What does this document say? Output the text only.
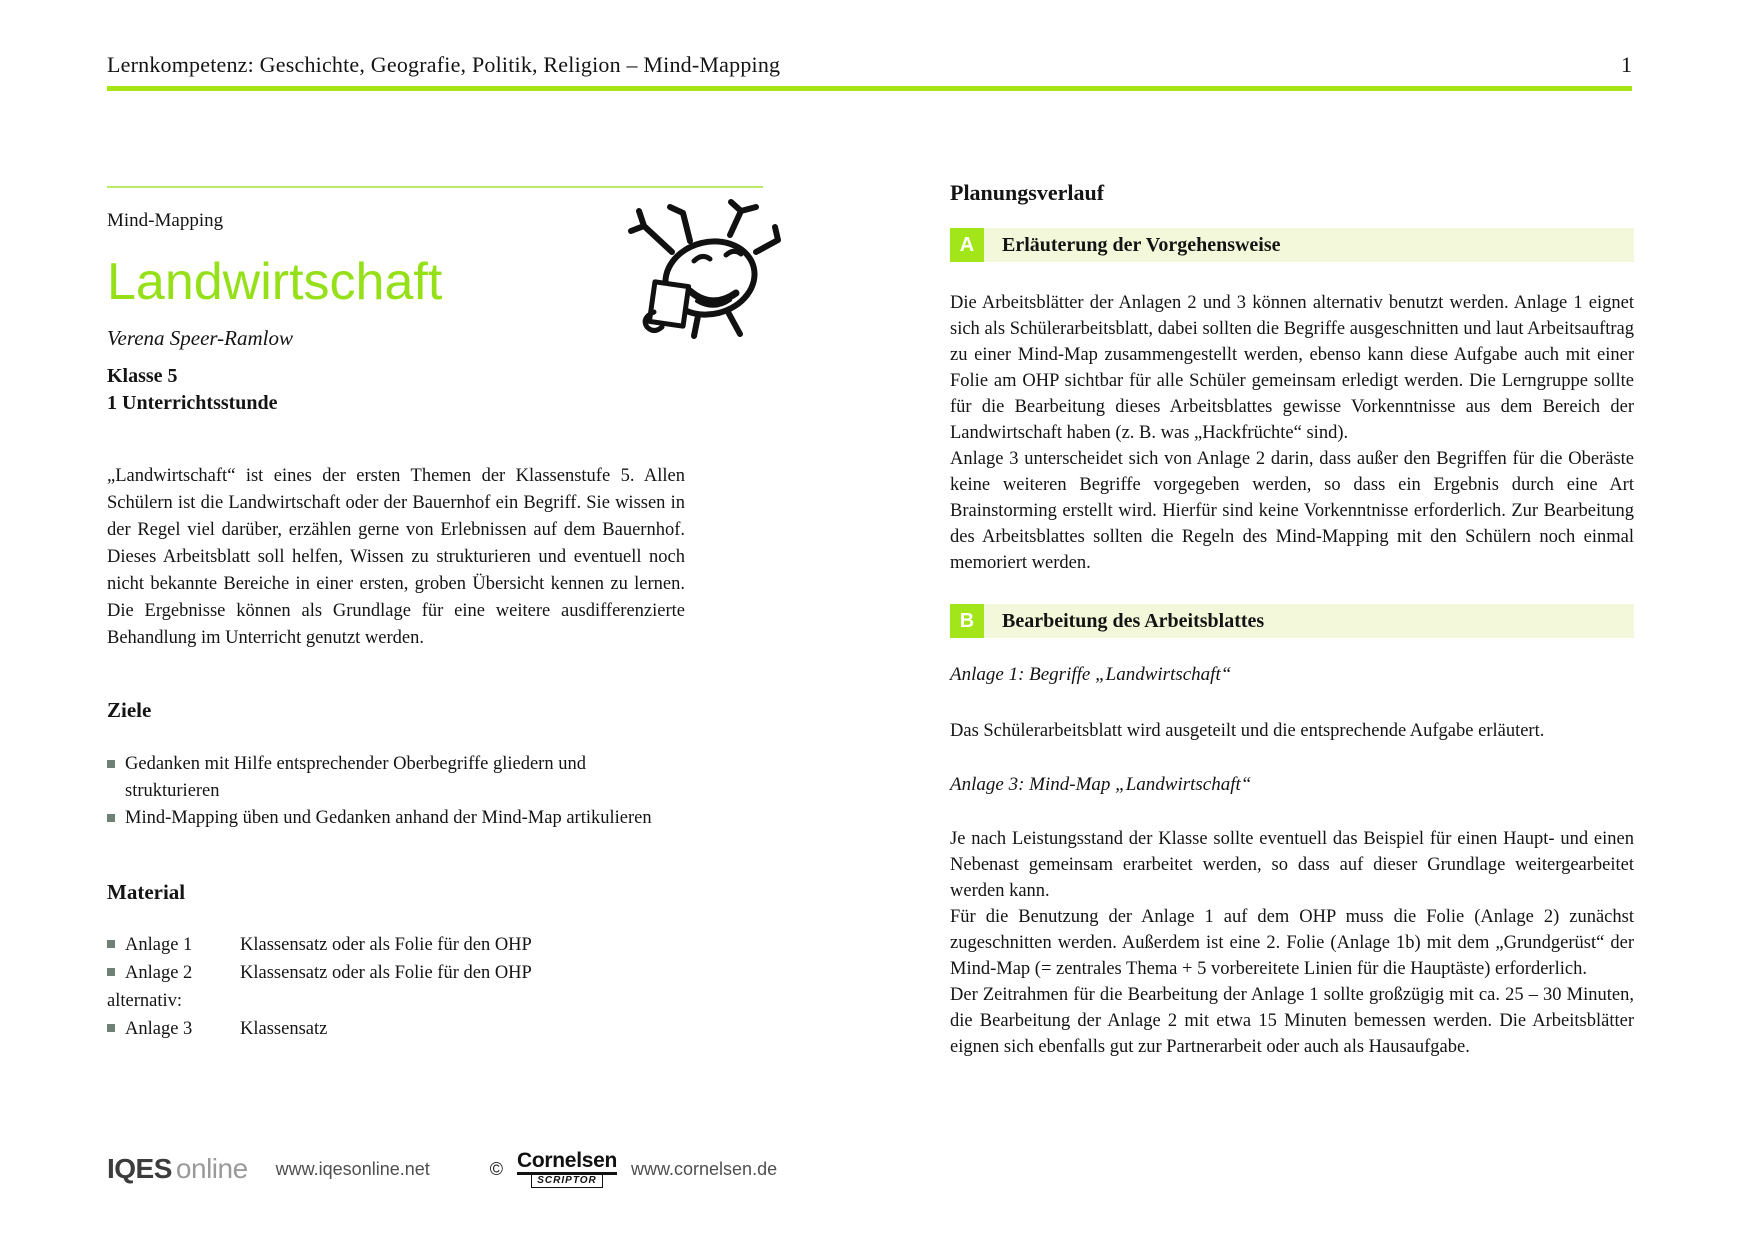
Lernkompetenz: Geschichte, Geografie, Politik, Religion – Mind-Mapping	1
Mind-Mapping
Landwirtschaft
Verena Speer-Ramlow
Klasse 5
1 Unterrichtsstunde

„Landwirtschaft“ ist eines der ersten Themen der Klassenstufe 5. Allen Schülern ist die Landwirtschaft oder der Bauernhof ein Begriff. Sie wissen in der Regel viel darüber, erzählen gerne von Erlebnissen auf dem Bauernhof. Dieses Arbeitsblatt soll helfen, Wissen zu strukturieren und eventuell noch nicht bekannte Bereiche in einer ersten, groben Übersicht kennen zu lernen. Die Ergebnisse können als Grundlage für eine weitere ausdifferenzierte Behandlung im Unterricht genutzt werden.

Ziele
Gedanken mit Hilfe entsprechender Oberbegriffe gliedern und strukturieren
Mind-Mapping üben und Gedanken anhand der Mind-Map artikulieren
Material
Anlage 1	Klassensatz oder als Folie für den OHP
Anlage 2	Klassensatz oder als Folie für den OHP
alternativ:
Anlage 3	Klassensatz
Planungsverlauf
A	Erläuterung der Vorgehensweise

Die Arbeitsblätter der Anlagen 2 und 3 können alternativ benutzt werden. Anlage 1 eignet sich als Schülerarbeitsblatt, dabei sollten die Begriffe ausgeschnitten und laut Arbeitsauftrag zu einer Mind-Map zusammengestellt werden, ebenso kann diese Aufgabe auch mit einer Folie am OHP sichtbar für alle Schüler gemeinsam erledigt werden. Die Lerngruppe sollte für die Bearbeitung dieses Arbeitsblattes gewisse Vorkenntnisse aus dem Bereich der Landwirtschaft haben (z. B. was „Hackfrüchte“ sind).

Anlage 3 unterscheidet sich von Anlage 2 darin, dass außer den Begriffen für die Oberäste keine weiteren Begriffe vorgegeben werden, so dass ein Ergebnis durch eine Art Brainstorming erstellt wird. Hierfür sind keine Vorkenntnisse erforderlich. Zur Bearbeitung des Arbeitsblattes sollten die Regeln des Mind-Mapping mit den Schülern noch einmal memoriert werden.

B	Bearbeitung des Arbeitsblattes

Anlage 1: Begriffe „Landwirtschaft“

Das Schülerarbeitsblatt wird ausgeteilt und die entsprechende Aufgabe erläutert.

Anlage 3: Mind-Map „Landwirtschaft“

Je nach Leistungsstand der Klasse sollte eventuell das Beispiel für einen Haupt- und einen Nebenast gemeinsam erarbeitet werden, so dass auf dieser Grundlage weitergearbeitet werden kann.

Für die Benutzung der Anlage 1 auf dem OHP muss die Folie (Anlage 2) zunächst zugeschnitten werden. Außerdem ist eine 2. Folie (Anlage 1b) mit dem „Grundgerüst“ der Mind-Map (= zentrales Thema + 5 vorbereitete Linien für die Hauptäste) erforderlich.

Der Zeitrahmen für die Bearbeitung der Anlage 1 sollte großzügig mit ca. 25 – 30 Minuten, die Bearbeitung der Anlage 2 mit etwa 15 Minuten bemessen werden. Die Arbeitsblätter eignen sich ebenfalls gut zur Partnerarbeit oder auch als Hausaufgabe.

IQES online www.iqesonline.net	© Cornelsen
SCRIPTOR
www.cornelsen.de
